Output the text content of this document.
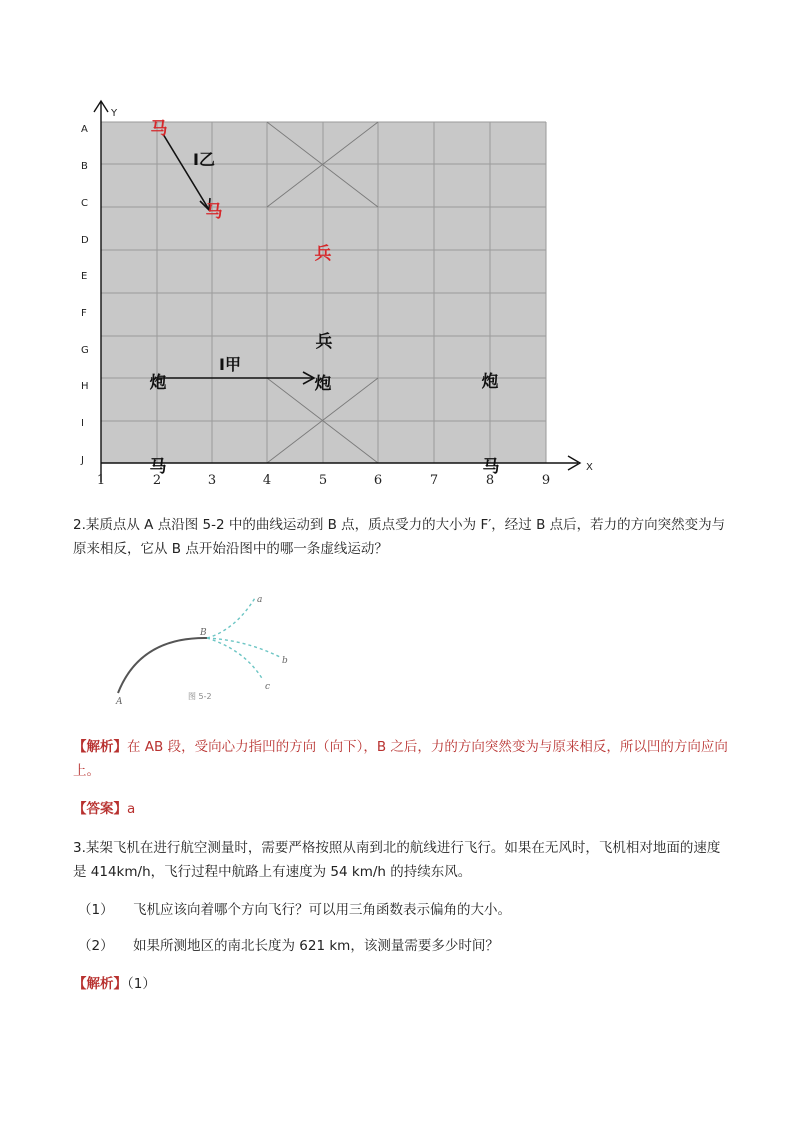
Y
X
A
B
C
D
E
F
G
H
I
J
1	2	3	4	5	6	7	8	9
I乙
I甲
马
马
兵
兵
炮	炮	炮
马	马
2.某质点从 A 点沿图 5-2 中的曲线运动到 B 点，质点受力的大小为 F′，经过 B 点后，若力的方向突然变为与原来相反，它从 B 点开始沿图中的哪一条虚线运动？
A
B
a
b
c
图 5-2
【解析】在 AB 段，受向心力指凹的方向（向下），B 之后，力的方向突然变为与原来相反，所以凹的方向应向上。
【答案】a
3.某架飞机在进行航空测量时，需要严格按照从南到北的航线进行飞行。如果在无风时，飞机相对地面的速度是 414km/h，飞行过程中航路上有速度为 54 km/h 的持续东风。
（1） 飞机应该向着哪个方向飞行？可以用三角函数表示偏角的大小。
（2） 如果所测地区的南北长度为 621 km，该测量需要多少时间？
【解析】（1）
